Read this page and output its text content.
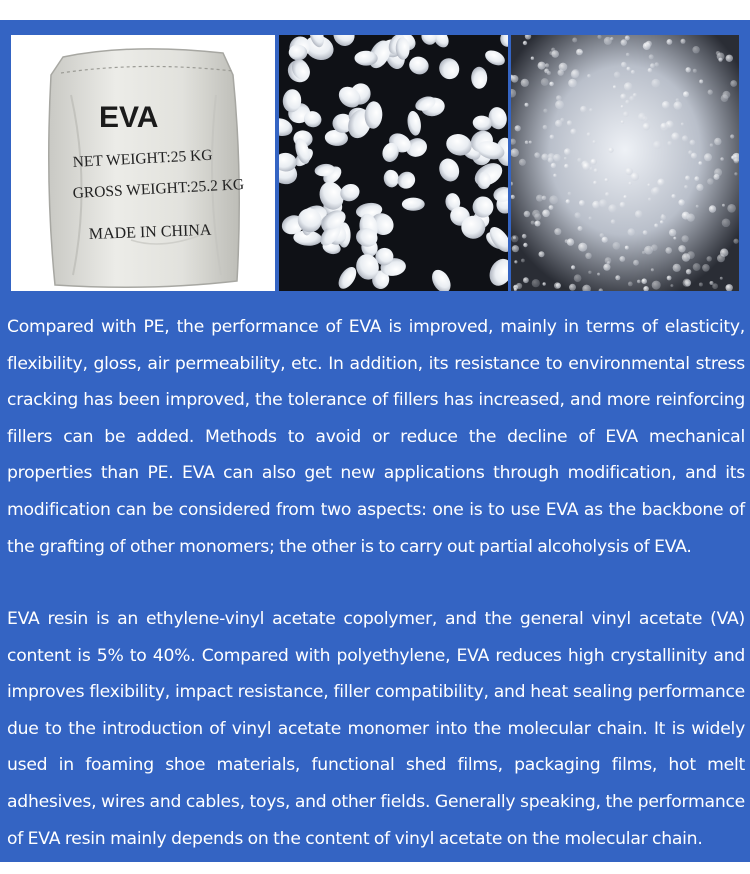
EVA
NET WEIGHT:25 KG
GROSS WEIGHT:25.2 KG
MADE IN CHINA

Compared with PE, the performance of EVA is improved, mainly in terms of elasticity, flexibility, gloss, air permeability, etc. In addition, its resistance to environmental stress cracking has been improved, the tolerance of fillers has increased, and more reinforcing fillers can be added. Methods to avoid or reduce the decline of EVA mechanical properties than PE. EVA can also get new applications through modification, and its modification can be considered from two aspects: one is to use EVA as the backbone of the grafting of other monomers; the other is to carry out partial alcoholysis of EVA.

EVA resin is an ethylene-vinyl acetate copolymer, and the general vinyl acetate (VA) content is 5% to 40%. Compared with polyethylene, EVA reduces high crystallinity and improves flexibility, impact resistance, filler compatibility, and heat sealing performance due to the introduction of vinyl acetate monomer into the molecular chain. It is widely used in foaming shoe materials, functional shed films, packaging films, hot melt adhesives, wires and cables, toys, and other fields. Generally speaking, the performance of EVA resin mainly depends on the content of vinyl acetate on the molecular chain.
